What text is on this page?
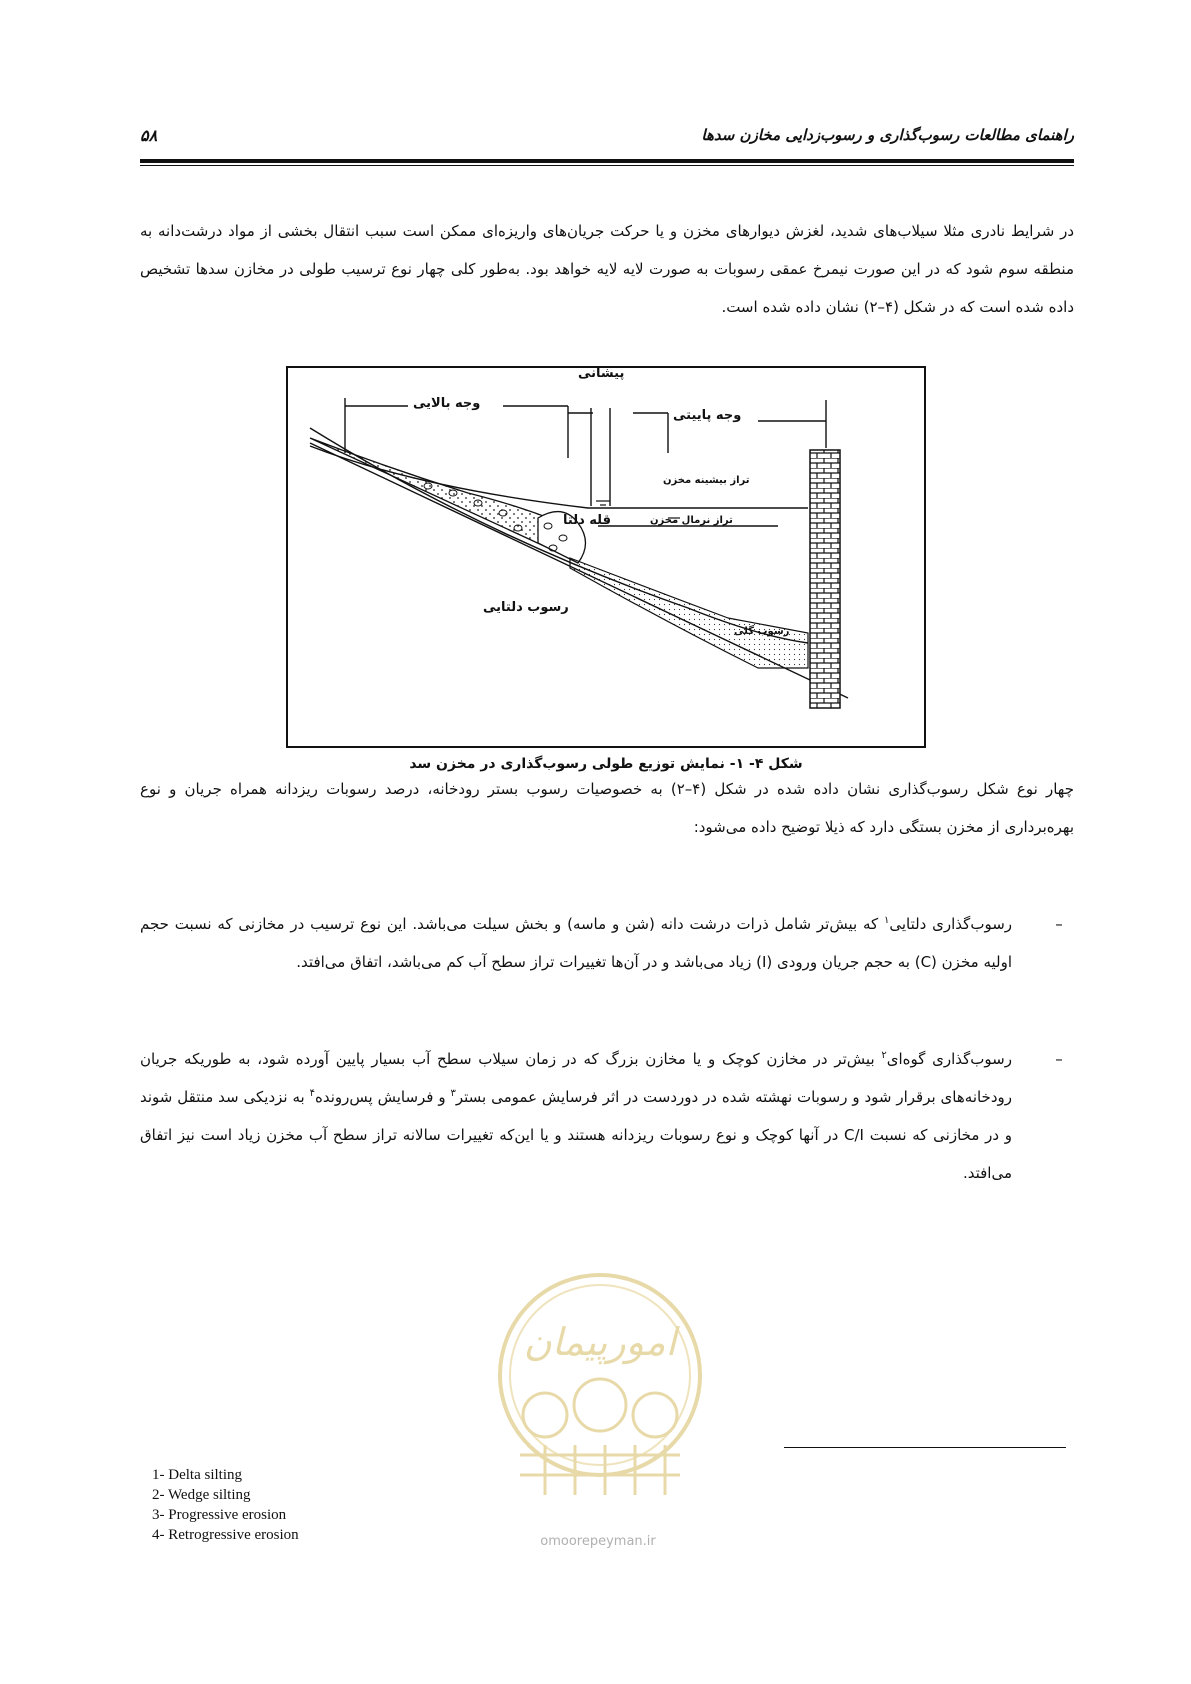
راهنمای مطالعات رسوب‌گذاری و رسوب‌زدایی مخازن سدها
۵۸
در شرایط نادری مثلا سیلاب‌های شدید، لغزش دیوارهای مخزن و یا حرکت جریان‌های واریزه‌ای ممکن است سبب انتقال بخشی از مواد درشت‌دانه به منطقه سوم شود که در این صورت نیمرخ عمقی رسوبات به صورت لایه لایه خواهد بود. به‌طور کلی چهار نوع ترسیب طولی در مخازن سدها تشخیص داده شده است که در شکل (۴–۲) نشان داده شده است.
پیشانی
وجه بالایی
وجه پاییتی
تراز بیشینه مخزن
تراز نرمال مخزن
قله دلتا
رسوب دلتایی
رسوب گلی
شکل ۴- ۱- نمایش توزیع طولی رسوب‌گذاری در مخزن سد
چهار نوع شکل رسوب‌گذاری نشان داده شده در شکل (۴–۲) به خصوصیات رسوب بستر رودخانه، درصد رسوبات ریزدانه همراه جریان و نوع بهره‌برداری از مخزن بستگی دارد که ذیلا توضیح داده می‌شود:
–
رسوب‌گذاری دلتایی$^۱$ که بیش‌تر شامل ذرات درشت دانه (شن و ماسه) و بخش سیلت می‌باشد. این نوع ترسیب در مخازنی که نسبت حجم اولیه مخزن (C) به حجم جریان ورودی (I) زیاد می‌باشد و در آن‌ها تغییرات تراز سطح آب کم می‌باشد، اتفاق می‌افتد.
–
رسوب‌گذاری گوه‌ای$^۲$ بیش‌تر در مخازن کوچک و یا مخازن بزرگ که در زمان سیلاب سطح آب بسیار پایین آورده شود، به طوریکه جریان رودخانه‌های برقرار شود و رسوبات نهشته شده در دوردست در اثر فرسایش عمومی بستر$^۳$ و فرسایش پس‌رونده$^۴$ به نزدیکی سد منتقل شوند و در مخازنی که نسبت C/I در آنها کوچک و نوع رسوبات ریزدانه هستند و یا این‌که تغییرات سالانه تراز سطح آب مخزن زیاد است نیز اتفاق می‌افتد.
امورپیمان
omoorepeyman.ir
1- Delta silting
2- Wedge silting
3- Progressive erosion
4- Retrogressive erosion
